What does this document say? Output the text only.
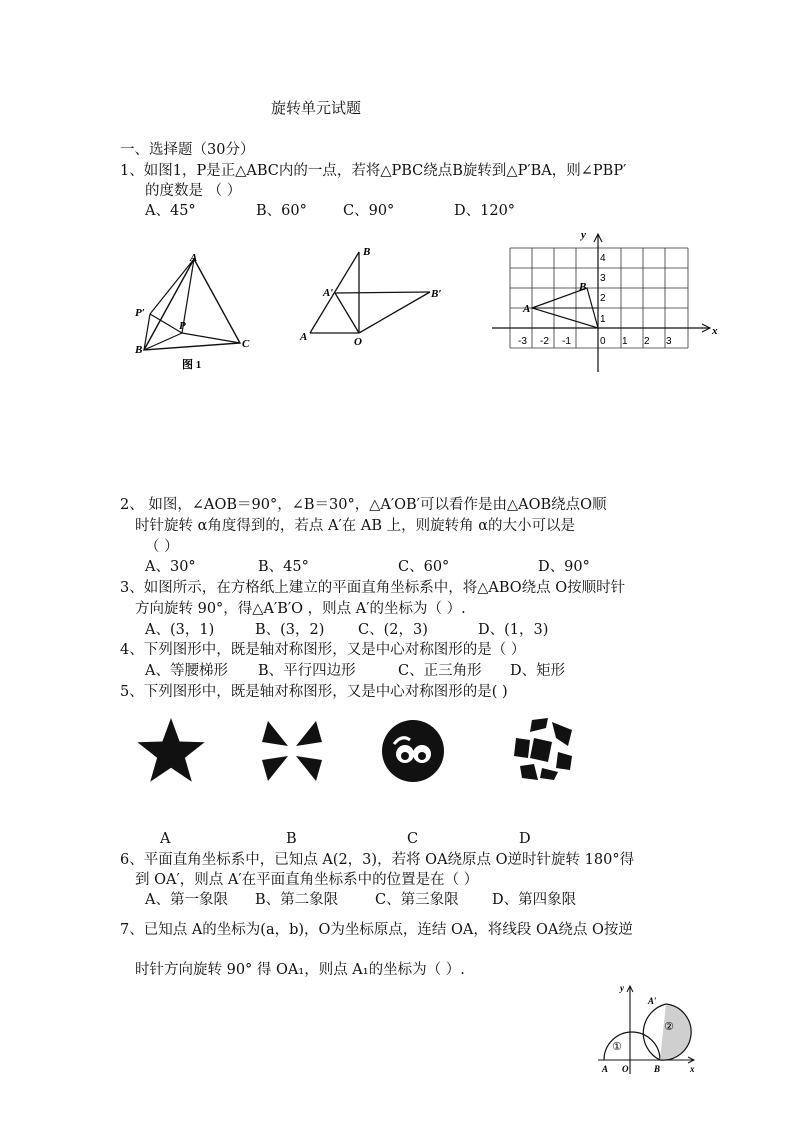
旋转单元试题
一、选择题（30分）
1、如图1，P是正△ABC内的一点，若将△PBC绕点B旋转到△P′BA，则∠PBP′
的度数是 （ ）
A、45°	B、60° C、90°	D、120°
A
B	C
P
P′
图 1
B
A′	B′
A	O
y
x
-3 -2 -1	0 1 2 3
1
2
3
4
A
B
2、 如图，∠AOB＝90°，∠B＝30°，△A′OB′可以看作是由△AOB绕点O顺
时针旋转 α角度得到的，若点 A′在 AB 上，则旋转角 α的大小可以是
（ ）
A、30°	B、45°	C、60°	D、90°
3、如图所示，在方格纸上建立的平面直角坐标系中，将△ABO绕点 O按顺时针
方向旋转 90°，得△A′B′O ，则点 A′的坐标为（ ）.
A、(3，1)	B、(3，2) C、(2，3)	D、(1，3)
4、下列图形中，既是轴对称图形，又是中心对称图形的是（ ）
A、等腰梯形 B、平行四边形	C、正三角形 D、矩形
5、下列图形中，既是轴对称图形，又是中心对称图形的是( )
A	B	C	D
6、平面直角坐标系中，已知点 A(2，3)，若将 OA绕原点 O逆时针旋转 180°得
到 OA′，则点 A′在平面直角坐标系中的位置是在（ ）
A、第一象限 B、第二象限	C、第三象限 D、第四象限
7、已知点 A的坐标为(a，b)，O为坐标原点，连结 OA，将线段 OA绕点 O按逆
时针方向旋转 90° 得 OA₁，则点 A₁的坐标为（ ）.
y
x
A O	B
A′
①
②
